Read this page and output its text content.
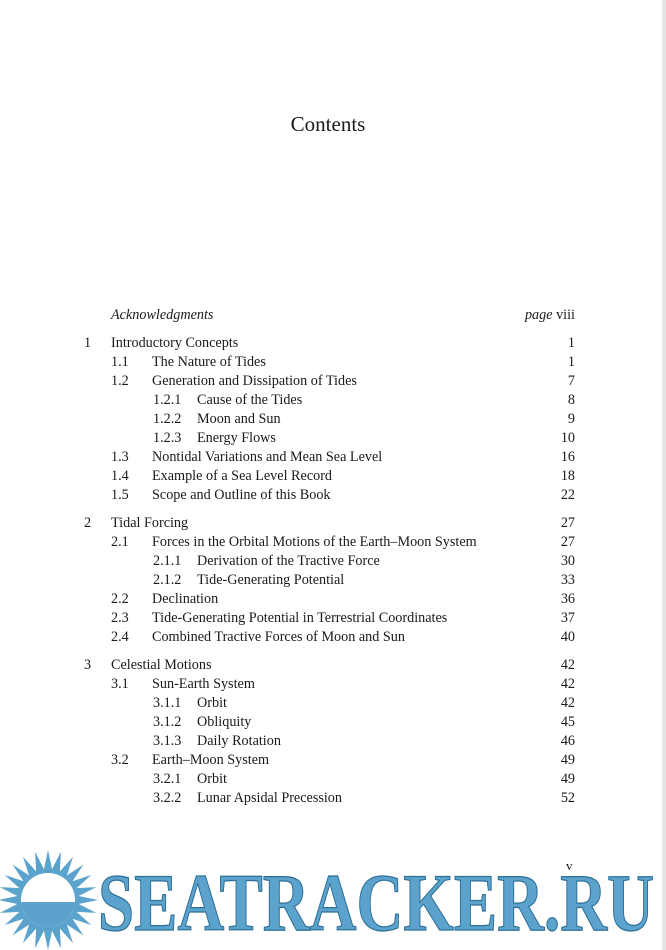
Contents
Acknowledgments	page viii
1 Introductory Concepts	1
1.1 The Nature of Tides	1
1.2 Generation and Dissipation of Tides	7
1.2.1 Cause of the Tides	8
1.2.2 Moon and Sun	9
1.2.3 Energy Flows	10
1.3 Nontidal Variations and Mean Sea Level	16
1.4 Example of a Sea Level Record	18
1.5 Scope and Outline of this Book	22
2 Tidal Forcing	27
2.1 Forces in the Orbital Motions of the Earth–Moon System	27
2.1.1 Derivation of the Tractive Force	30
2.1.2 Tide-Generating Potential	33
2.2 Declination	36
2.3 Tide-Generating Potential in Terrestrial Coordinates	37
2.4 Combined Tractive Forces of Moon and Sun	40
3 Celestial Motions	42
3.1 Sun-Earth System	42
3.1.1 Orbit	42
3.1.2 Obliquity	45
3.1.3 Daily Rotation	46
3.2 Earth–Moon System	49
3.2.1 Orbit	49
3.2.2 Lunar Apsidal Precession	52
v
SEATRACKER.RU
